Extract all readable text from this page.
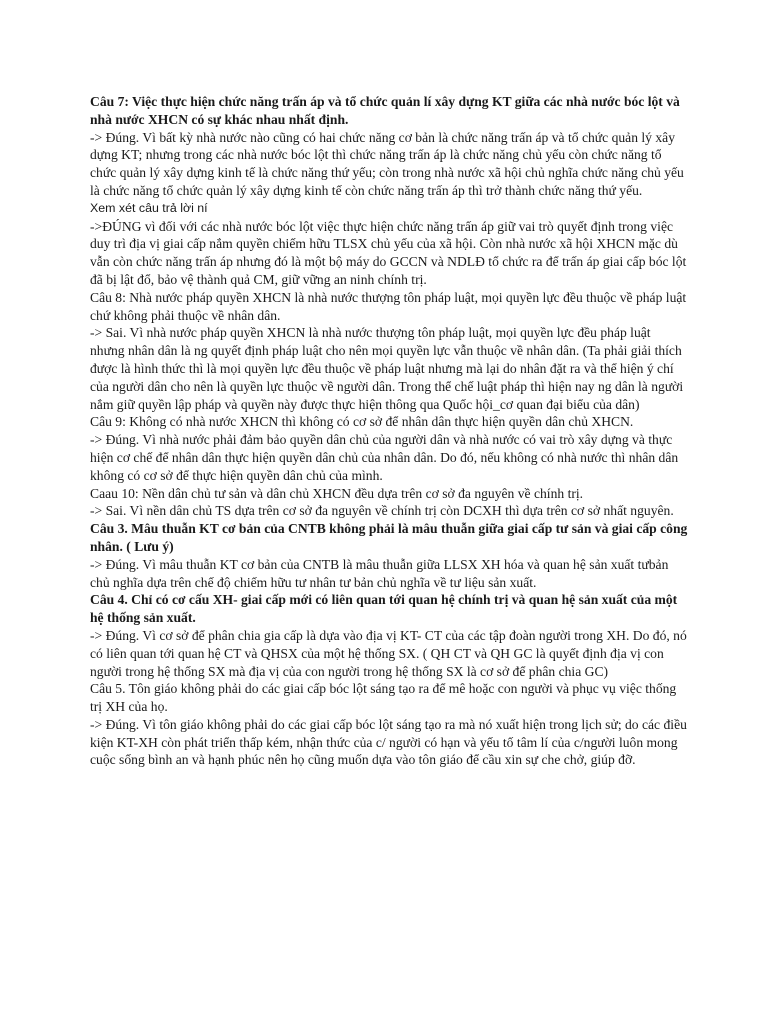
Câu 7: Việc thực hiện chức năng trấn áp và tổ chức quản lí xây dựng KT giữa các nhà nước bóc lột và nhà nước XHCN có sự khác nhau nhất định.

-> Đúng. Vì bất kỳ nhà nước nào cũng có hai chức năng cơ bản là chức năng trấn áp và tổ chức quản lý xây dựng KT; nhưng trong các nhà nước bóc lột thì chức năng trấn áp là chức năng chủ yếu còn chức năng tổ chức quản lý xây dựng kinh tế là chức năng thứ yếu; còn trong nhà nước xã hội chủ nghĩa chức năng chủ yếu là chức năng tổ chức quản lý xây dựng kinh tế còn chức năng trấn áp thì trở thành chức năng thứ yếu.

Xem xét câu trả lời ní

->ĐÚNG vì đối với các nhà nước bóc lột việc thực hiện chức năng trấn áp giữ vai trò quyết định trong việc duy trì địa vị giai cấp nắm quyền chiếm hữu TLSX chủ yếu của xã hội. Còn nhà nước xã hội XHCN mặc dù vẫn còn chức năng trấn áp nhưng đó là một bộ máy do GCCN và NDLĐ tổ chức ra để trấn áp giai cấp bóc lột đã bị lật đổ, bảo vệ thành quả CM, giữ vững an ninh chính trị.

Câu 8: Nhà nước pháp quyền XHCN là nhà nước thượng tôn pháp luật, mọi quyền lực đều thuộc về pháp luật chứ không phải thuộc về nhân dân.

-> Sai. Vì nhà nước pháp quyền XHCN là nhà nước thượng tôn pháp luật, mọi quyền lực đều pháp luật nhưng nhân dân là ng quyết định pháp luật cho nên mọi quyền lực vẫn thuộc về nhân dân. (Ta phải giải thích được là hình thức thì là mọi quyền lực đều thuộc về pháp luật nhưng mà lại do nhân đặt ra và thể hiện ý chí của người dân cho nên là quyền lực thuộc về người dân. Trong thể chế luật pháp thì hiện nay ng dân là người nắm giữ quyền lập pháp và quyền này được thực hiện thông qua Quốc hội_cơ quan đại biểu của dân)

Câu 9: Không có nhà nước XHCN thì không có cơ sở để nhân dân thực hiện quyền dân chủ XHCN.

-> Đúng. Vì nhà nước phải đảm bảo quyền dân chủ của người dân và nhà nước có vai trò xây dựng và thực hiện cơ chế để nhân dân thực hiện quyền dân chủ của nhân dân. Do đó, nếu không có nhà nước thì nhân dân không có cơ sở để thực hiện quyền dân chủ của mình.

Caau 10: Nền dân chủ tư sản và dân chủ XHCN đều dựa trên cơ sở đa nguyên về chính trị.

-> Sai. Vì nền dân chủ TS dựa trên cơ sở đa nguyên về chính trị còn DCXH thì dựa trên cơ sở nhất nguyên.

Câu 3. Mâu thuẫn KT cơ bản của CNTB không phải là mâu thuẫn giữa giai cấp tư sản và giai cấp công nhân. ( Lưu ý)

-> Đúng. Vì mâu thuẫn KT cơ bản của CNTB là mâu thuẫn giữa LLSX XH hóa và quan hệ sản xuất tưbản chủ nghĩa dựa trên chế độ chiếm hữu tư nhân tư bản chủ nghĩa về tư liệu sản xuất.

Câu 4. Chỉ có cơ cấu XH- giai cấp mới có liên quan tới quan hệ chính trị và quan hệ sản xuất của một hệ thống sản xuất.

-> Đúng. Vì cơ sở để phân chia gia cấp là dựa vào địa vị KT- CT của các tập đoàn người trong XH. Do đó, nó có liên quan tới quan hệ CT và QHSX của một hệ thống SX. ( QH CT và QH GC là quyết định địa vị con người trong hệ thống SX mà địa vị của con người trong hệ thống SX là cơ sở để phân chia GC)

Câu 5. Tôn giáo không phải do các giai cấp bóc lột sáng tạo ra để mê hoặc con người và phục vụ việc thống trị XH của họ.

-> Đúng. Vì tôn giáo không phải do các giai cấp bóc lột sáng tạo ra mà nó xuất hiện trong lịch sử; do các điều kiện KT-XH còn phát triển thấp kém, nhận thức của c/ người có hạn và yếu tố tâm lí của c/người luôn mong cuộc sống bình an và hạnh phúc nên họ cũng muốn dựa vào tôn giáo để cầu xin sự che chở, giúp đỡ.
